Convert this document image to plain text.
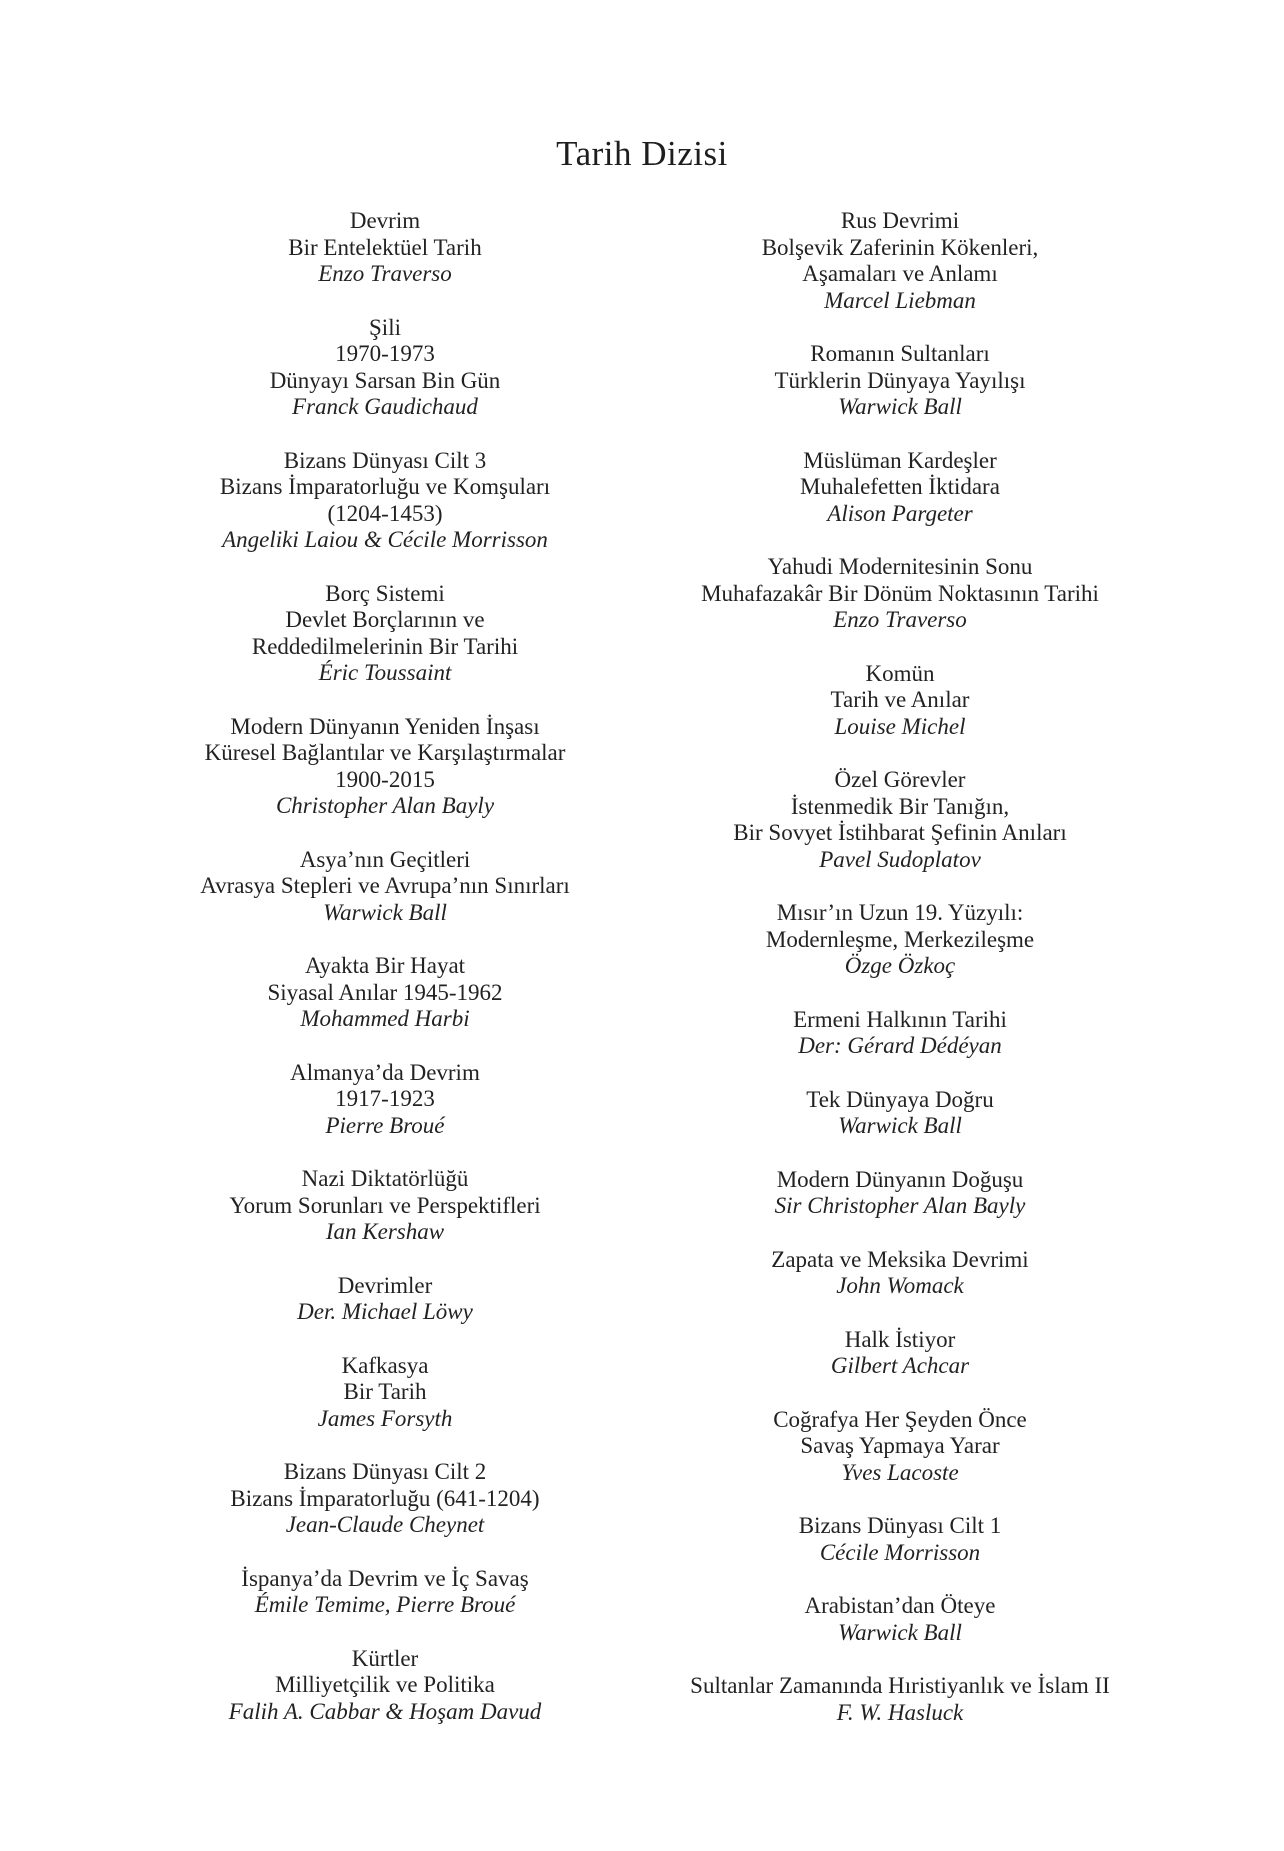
Tarih Dizisi
Devrim
Bir Entelektüel Tarih
Enzo Traverso
Şili
1970-1973
Dünyayı Sarsan Bin Gün
Franck Gaudichaud
Bizans Dünyası Cilt 3
Bizans İmparatorluğu ve Komşuları
(1204-1453)
Angeliki Laiou & Cécile Morrisson
Borç Sistemi
Devlet Borçlarının ve
Reddedilmelerinin Bir Tarihi
Éric Toussaint
Modern Dünyanın Yeniden İnşası
Küresel Bağlantılar ve Karşılaştırmalar
1900-2015
Christopher Alan Bayly
Asya’nın Geçitleri
Avrasya Stepleri ve Avrupa’nın Sınırları
Warwick Ball
Ayakta Bir Hayat
Siyasal Anılar 1945-1962
Mohammed Harbi
Almanya’da Devrim
1917-1923
Pierre Broué
Nazi Diktatörlüğü
Yorum Sorunları ve Perspektifleri
Ian Kershaw
Devrimler
Der. Michael Löwy
Kafkasya
Bir Tarih
James Forsyth
Bizans Dünyası Cilt 2
Bizans İmparatorluğu (641-1204)
Jean-Claude Cheynet
İspanya’da Devrim ve İç Savaş
Émile Temime, Pierre Broué
Kürtler
Milliyetçilik ve Politika
Falih A. Cabbar & Hoşam Davud
Rus Devrimi
Bolşevik Zaferinin Kökenleri,
Aşamaları ve Anlamı
Marcel Liebman
Romanın Sultanları
Türklerin Dünyaya Yayılışı
Warwick Ball
Müslüman Kardeşler
Muhalefetten İktidara
Alison Pargeter
Yahudi Modernitesinin Sonu
Muhafazakâr Bir Dönüm Noktasının Tarihi
Enzo Traverso
Komün
Tarih ve Anılar
Louise Michel
Özel Görevler
İstenmedik Bir Tanığın,
Bir Sovyet İstihbarat Şefinin Anıları
Pavel Sudoplatov
Mısır’ın Uzun 19. Yüzyılı:
Modernleşme, Merkezileşme
Özge Özkoç
Ermeni Halkının Tarihi
Der: Gérard Dédéyan
Tek Dünyaya Doğru
Warwick Ball
Modern Dünyanın Doğuşu
Sir Christopher Alan Bayly
Zapata ve Meksika Devrimi
John Womack
Halk İstiyor
Gilbert Achcar
Coğrafya Her Şeyden Önce
Savaş Yapmaya Yarar
Yves Lacoste
Bizans Dünyası Cilt 1
Cécile Morrisson
Arabistan’dan Öteye
Warwick Ball
Sultanlar Zamanında Hıristiyanlık ve İslam II
F. W. Hasluck
